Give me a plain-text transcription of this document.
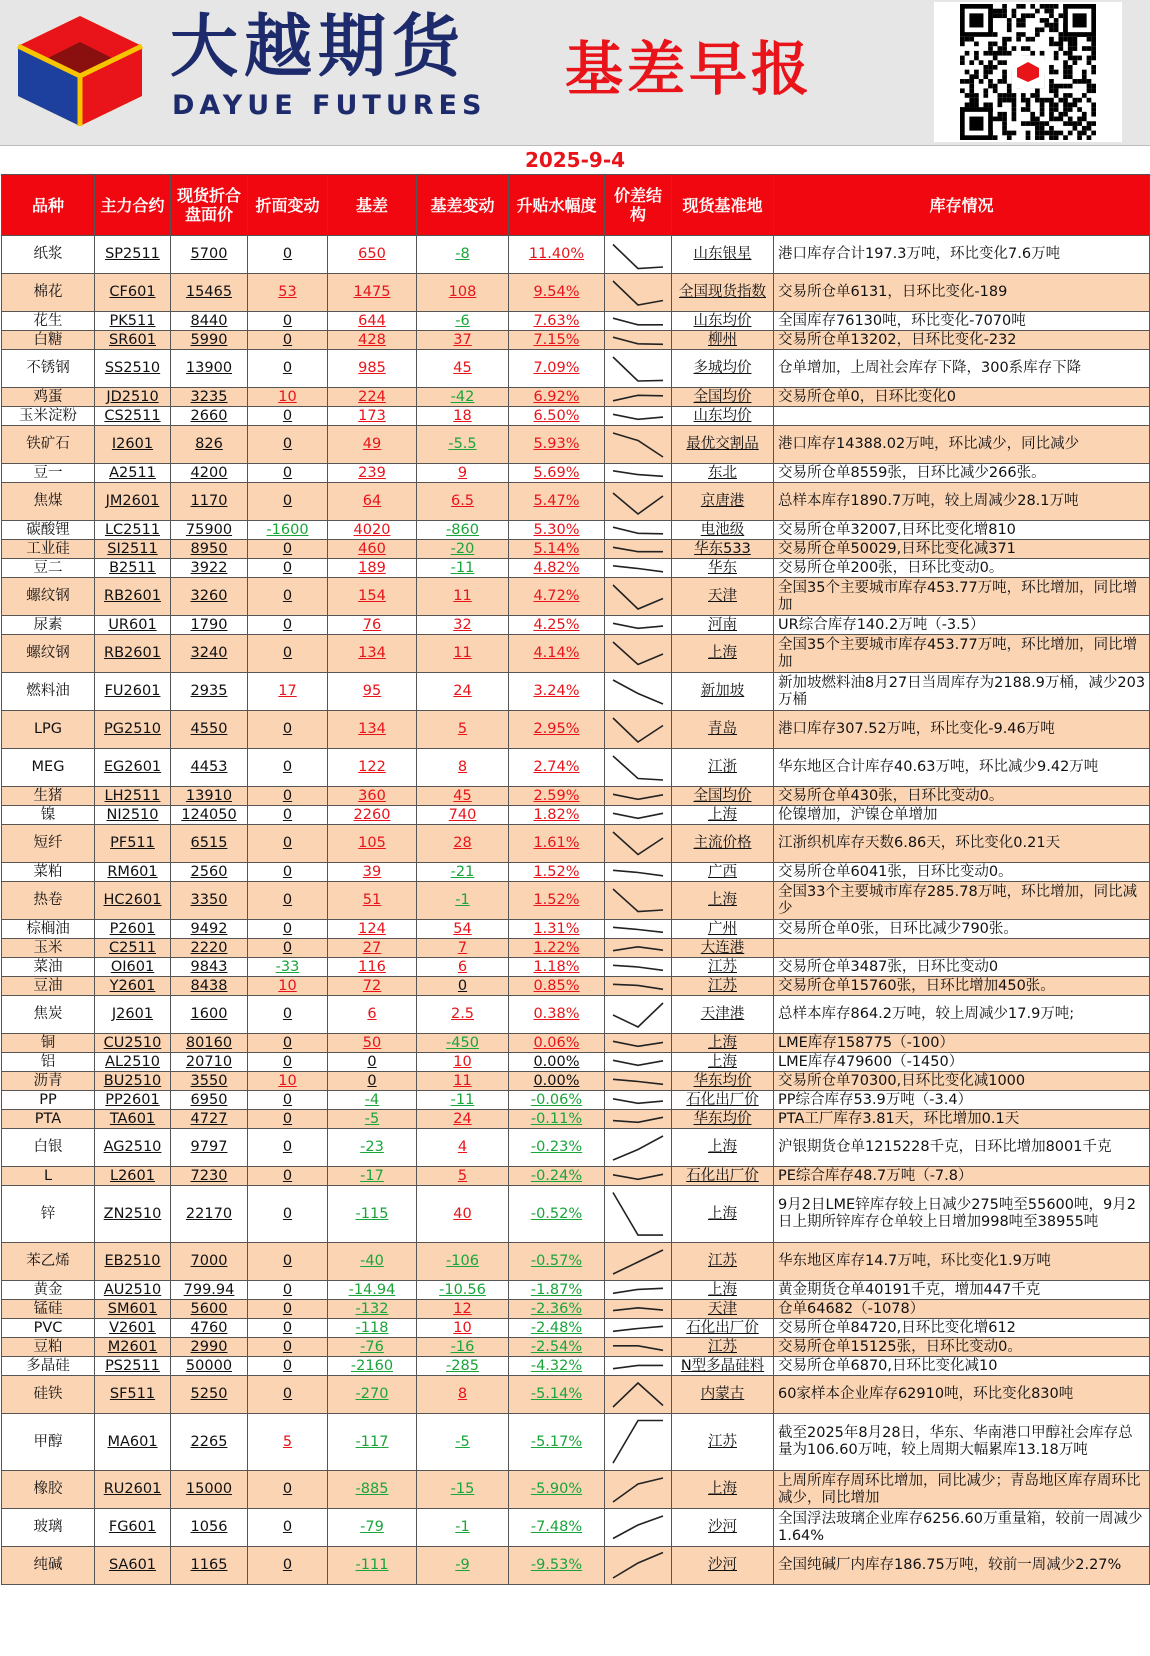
大越期货
DAYUE FUTURES
基差早报
2025-9-4
品种	主力合约	现货折合盘面价	折面变动	基差	基差变动	升贴水幅度	价差结构	现货基准地	库存情况
纸浆	SP2511	5700	0	650	-8	11.40%		山东银星	港口库存合计197.3万吨，环比变化7.6万吨
棉花	CF601	15465	53	1475	108	9.54%		全国现货指数	交易所仓单6131，日环比变化-189
花生	PK511	8440	0	644	-6	7.63%		山东均价	全国库存76130吨，环比变化-7070吨
白糖	SR601	5990	0	428	37	7.15%		柳州	交易所仓单13202，日环比变化-232
不锈钢	SS2510	13900	0	985	45	7.09%		多城均价	仓单增加，上周社会库存下降，300系库存下降
鸡蛋	JD2510	3235	10	224	-42	6.92%		全国均价	交易所仓单0，日环比变化0
玉米淀粉	CS2511	2660	0	173	18	6.50%		山东均价	
铁矿石	I2601	826	0	49	-5.5	5.93%		最优交割品	港口库存14388.02万吨，环比减少，同比减少
豆一	A2511	4200	0	239	9	5.69%		东北	交易所仓单8559张，日环比减少266张。
焦煤	JM2601	1170	0	64	6.5	5.47%		京唐港	总样本库存1890.7万吨，较上周减少28.1万吨
碳酸锂	LC2511	75900	-1600	4020	-860	5.30%		电池级	交易所仓单32007,日环比变化增810
工业硅	SI2511	8950	0	460	-20	5.14%		华东533	交易所仓单50029,日环比变化减371
豆二	B2511	3922	0	189	-11	4.82%		华东	交易所仓单200张，日环比变动0。
螺纹钢	RB2601	3260	0	154	11	4.72%		天津	全国35个主要城市库存453.77万吨，环比增加，同比增加
尿素	UR601	1790	0	76	32	4.25%		河南	UR综合库存140.2万吨（-3.5）
螺纹钢	RB2601	3240	0	134	11	4.14%		上海	全国35个主要城市库存453.77万吨，环比增加，同比增加
燃料油	FU2601	2935	17	95	24	3.24%		新加坡	新加坡燃料油8月27日当周库存为2188.9万桶，减少203万桶
LPG	PG2510	4550	0	134	5	2.95%		青岛	港口库存307.52万吨，环比变化-9.46万吨
MEG	EG2601	4453	0	122	8	2.74%		江浙	华东地区合计库存40.63万吨，环比减少9.42万吨
生猪	LH2511	13910	0	360	45	2.59%		全国均价	交易所仓单430张，日环比变动0。
镍	NI2510	124050	0	2260	740	1.82%		上海	伦镍增加，沪镍仓单增加
短纤	PF511	6515	0	105	28	1.61%		主流价格	江浙织机库存天数6.86天，环比变化0.21天
菜粕	RM601	2560	0	39	-21	1.52%		广西	交易所仓单6041张，日环比变动0。
热卷	HC2601	3350	0	51	-1	1.52%		上海	全国33个主要城市库存285.78万吨，环比增加，同比减少
棕榈油	P2601	9492	0	124	54	1.31%		广州	交易所仓单0张，日环比减少790张。
玉米	C2511	2220	0	27	7	1.22%		大连港	
菜油	OI601	9843	-33	116	6	1.18%		江苏	交易所仓单3487张，日环比变动0
豆油	Y2601	8438	10	72	0	0.85%		江苏	交易所仓单15760张，日环比增加450张。
焦炭	J2601	1600	0	6	2.5	0.38%		天津港	总样本库存864.2万吨，较上周减少17.9万吨;
铜	CU2510	80160	0	50	-450	0.06%		上海	LME库存158775（-100）
铝	AL2510	20710	0	0	10	0.00%		上海	LME库存479600（-1450）
沥青	BU2510	3550	10	0	11	0.00%		华东均价	交易所仓单70300,日环比变化减1000
PP	PP2601	6950	0	-4	-11	-0.06%		石化出厂价	PP综合库存53.9万吨（-3.4）
PTA	TA601	4727	0	-5	24	-0.11%		华东均价	PTA工厂库存3.81天，环比增加0.1天
白银	AG2510	9797	0	-23	4	-0.23%		上海	沪银期货仓单1215228千克，日环比增加8001千克
L	L2601	7230	0	-17	5	-0.24%		石化出厂价	PE综合库存48.7万吨（-7.8）
锌	ZN2510	22170	0	-115	40	-0.52%		上海	9月2日LME锌库存较上日减少275吨至55600吨，9月2日上期所锌库存仓单较上日增加998吨至38955吨
苯乙烯	EB2510	7000	0	-40	-106	-0.57%		江苏	华东地区库存14.7万吨，环比变化1.9万吨
黄金	AU2510	799.94	0	-14.94	-10.56	-1.87%		上海	黄金期货仓单40191千克，增加447千克
锰硅	SM601	5600	0	-132	12	-2.36%		天津	仓单64682（-1078）
PVC	V2601	4760	0	-118	10	-2.48%		石化出厂价	交易所仓单84720,日环比变化增612
豆粕	M2601	2990	0	-76	-16	-2.54%		江苏	交易所仓单15125张，日环比变动0。
多晶硅	PS2511	50000	0	-2160	-285	-4.32%		N型多晶硅料	交易所仓单6870,日环比变化减10
硅铁	SF511	5250	0	-270	8	-5.14%		内蒙古	60家样本企业库存62910吨，环比变化830吨
甲醇	MA601	2265	5	-117	-5	-5.17%		江苏	截至2025年8月28日，华东、华南港口甲醇社会库存总量为106.60万吨，较上周期大幅累库13.18万吨
橡胶	RU2601	15000	0	-885	-15	-5.90%		上海	上周所库存周环比增加，同比减少；青岛地区库存周环比减少，同比增加
玻璃	FG601	1056	0	-79	-1	-7.48%		沙河	全国浮法玻璃企业库存6256.60万重量箱，较前一周减少1.64%
纯碱	SA601	1165	0	-111	-9	-9.53%		沙河	全国纯碱厂内库存186.75万吨，较前一周减少2.27%
